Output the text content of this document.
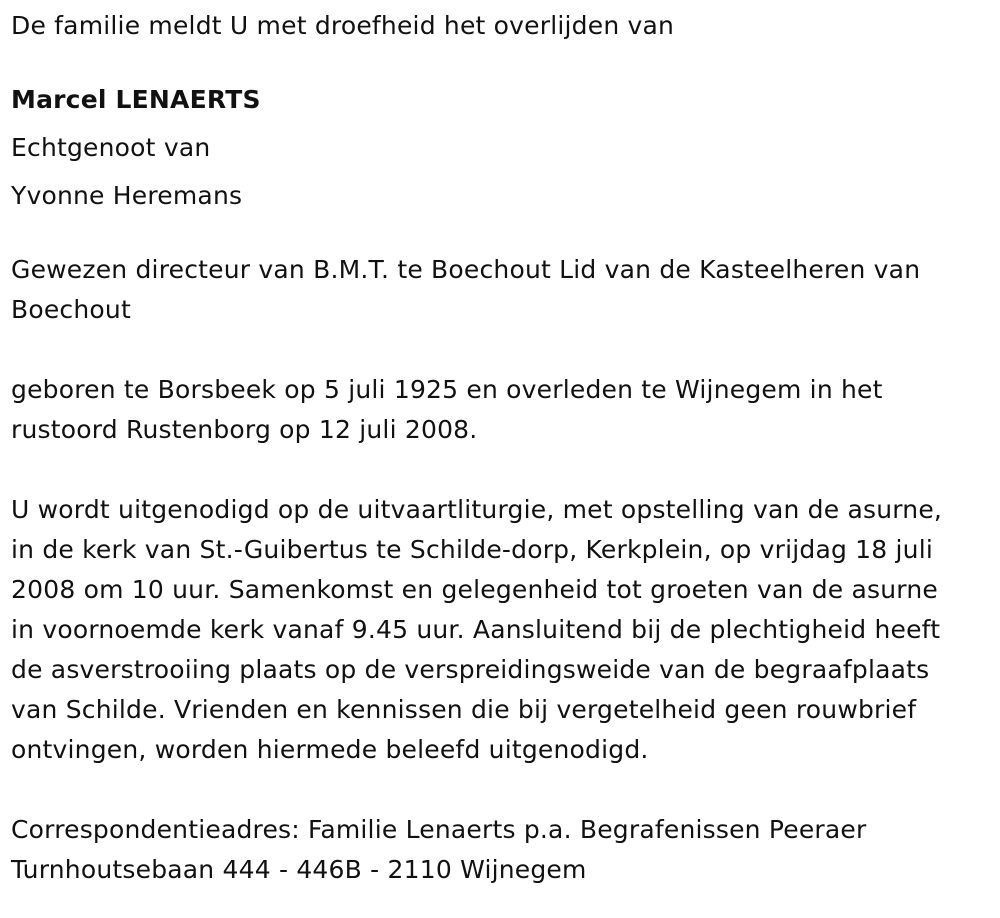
De familie meldt U met droefheid het overlijden van
Marcel LENAERTS
Echtgenoot van
Yvonne Heremans
Gewezen directeur van B.M.T. te Boechout Lid van de Kasteelheren van
Boechout
geboren te Borsbeek op 5 juli 1925 en overleden te Wijnegem in het
rustoord Rustenborg op 12 juli 2008.
U wordt uitgenodigd op de uitvaartliturgie, met opstelling van de asurne,
in de kerk van St.-Guibertus te Schilde-dorp, Kerkplein, op vrijdag 18 juli
2008 om 10 uur. Samenkomst en gelegenheid tot groeten van de asurne
in voornoemde kerk vanaf 9.45 uur. Aansluitend bij de plechtigheid heeft
de asverstrooiing plaats op de verspreidingsweide van de begraafplaats
van Schilde. Vrienden en kennissen die bij vergetelheid geen rouwbrief
ontvingen, worden hiermede beleefd uitgenodigd.
Correspondentieadres: Familie Lenaerts p.a. Begrafenissen Peeraer
Turnhoutsebaan 444 - 446B - 2110 Wijnegem
